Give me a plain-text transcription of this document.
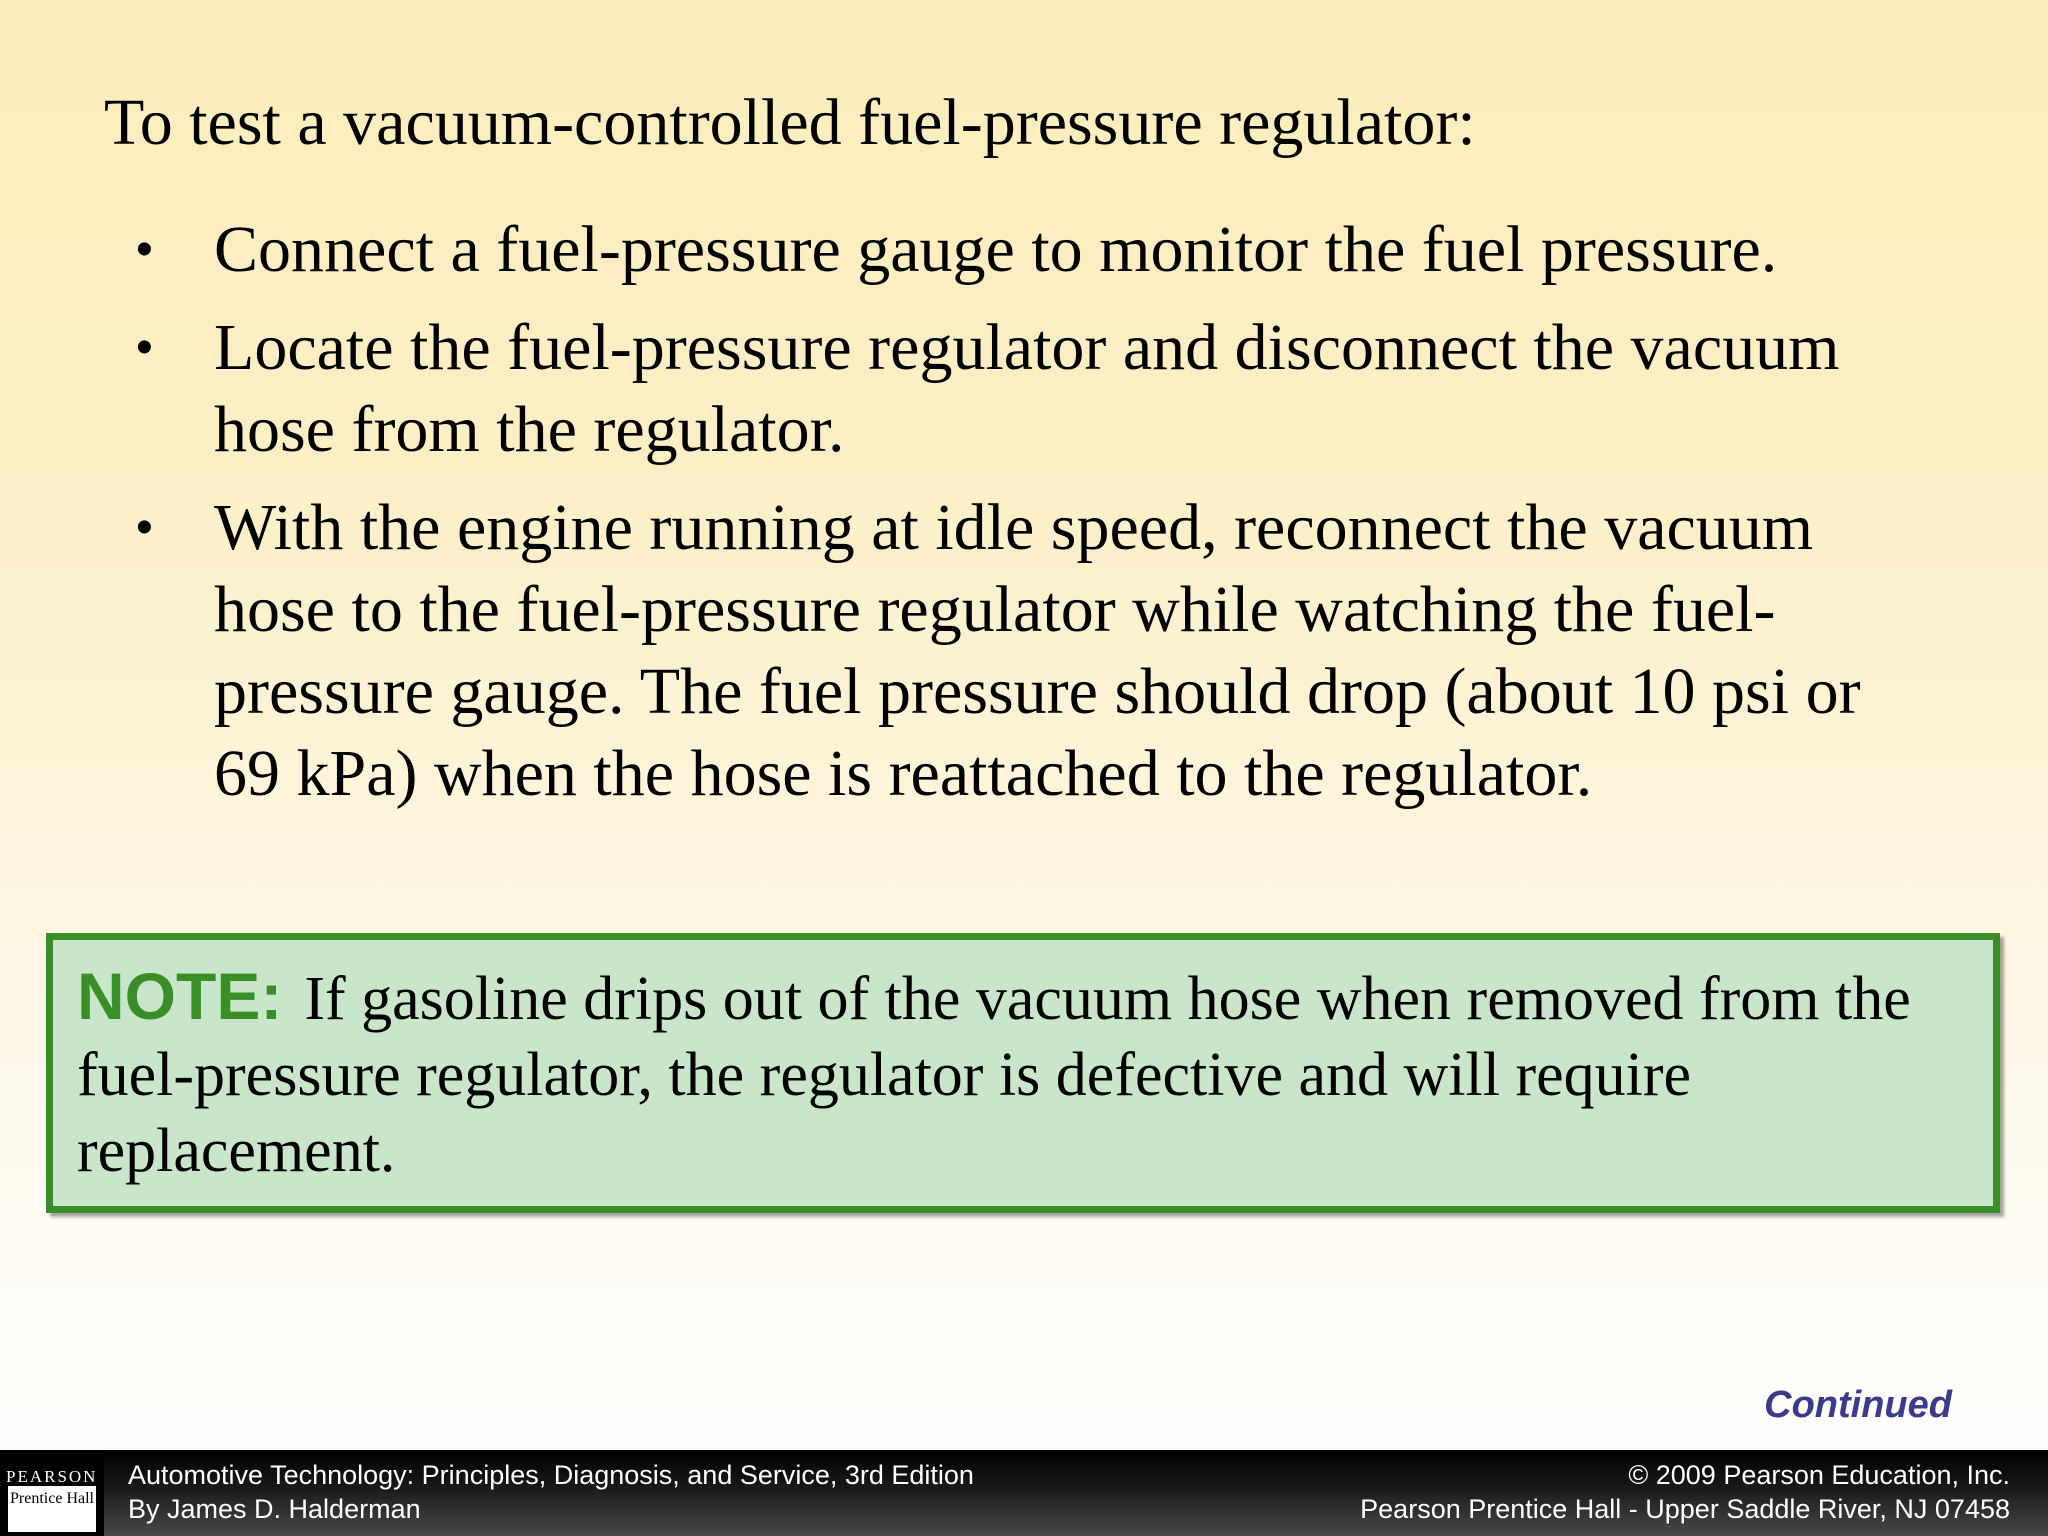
To test a vacuum-controlled fuel-pressure regulator:
• Connect a fuel-pressure gauge to monitor the fuel pressure.
• Locate the fuel-pressure regulator and disconnect the vacuum hose from the regulator.
• With the engine running at idle speed, reconnect the vacuum hose to the fuel-pressure regulator while watching the fuel-pressure gauge. The fuel pressure should drop (about 10 psi or 69 kPa) when the hose is reattached to the regulator.
NOTE: If gasoline drips out of the vacuum hose when removed from the fuel-pressure regulator, the regulator is defective and will require replacement.
Continued
PEARSON
Prentice Hall
Automotive Technology: Principles, Diagnosis, and Service, 3rd Edition
By James D. Halderman
© 2009 Pearson Education, Inc.
Pearson Prentice Hall - Upper Saddle River, NJ 07458
